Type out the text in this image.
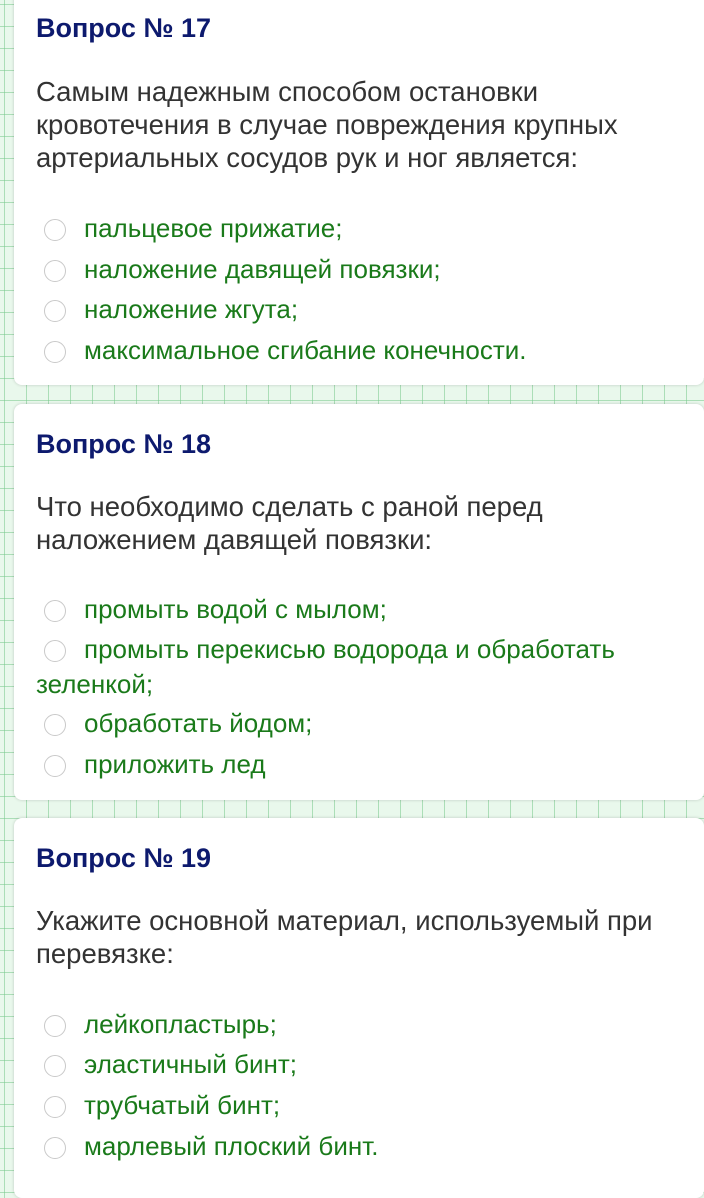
Вопрос № 17
Самым надежным способом остановки кровотечения в случае повреждения крупных артериальных сосудов рук и ног является:
пальцевое прижатие;
наложение давящей повязки;
наложение жгута;
максимальное сгибание конечности.
Вопрос № 18
Что необходимо сделать с раной перед наложением давящей повязки:
промыть водой с мылом;
промыть перекисью водорода и обработать зеленкой;
обработать йодом;
приложить лед
Вопрос № 19
Укажите основной материал, используемый при перевязке:
лейкопластырь;
эластичный бинт;
трубчатый бинт;
марлевый плоский бинт.
